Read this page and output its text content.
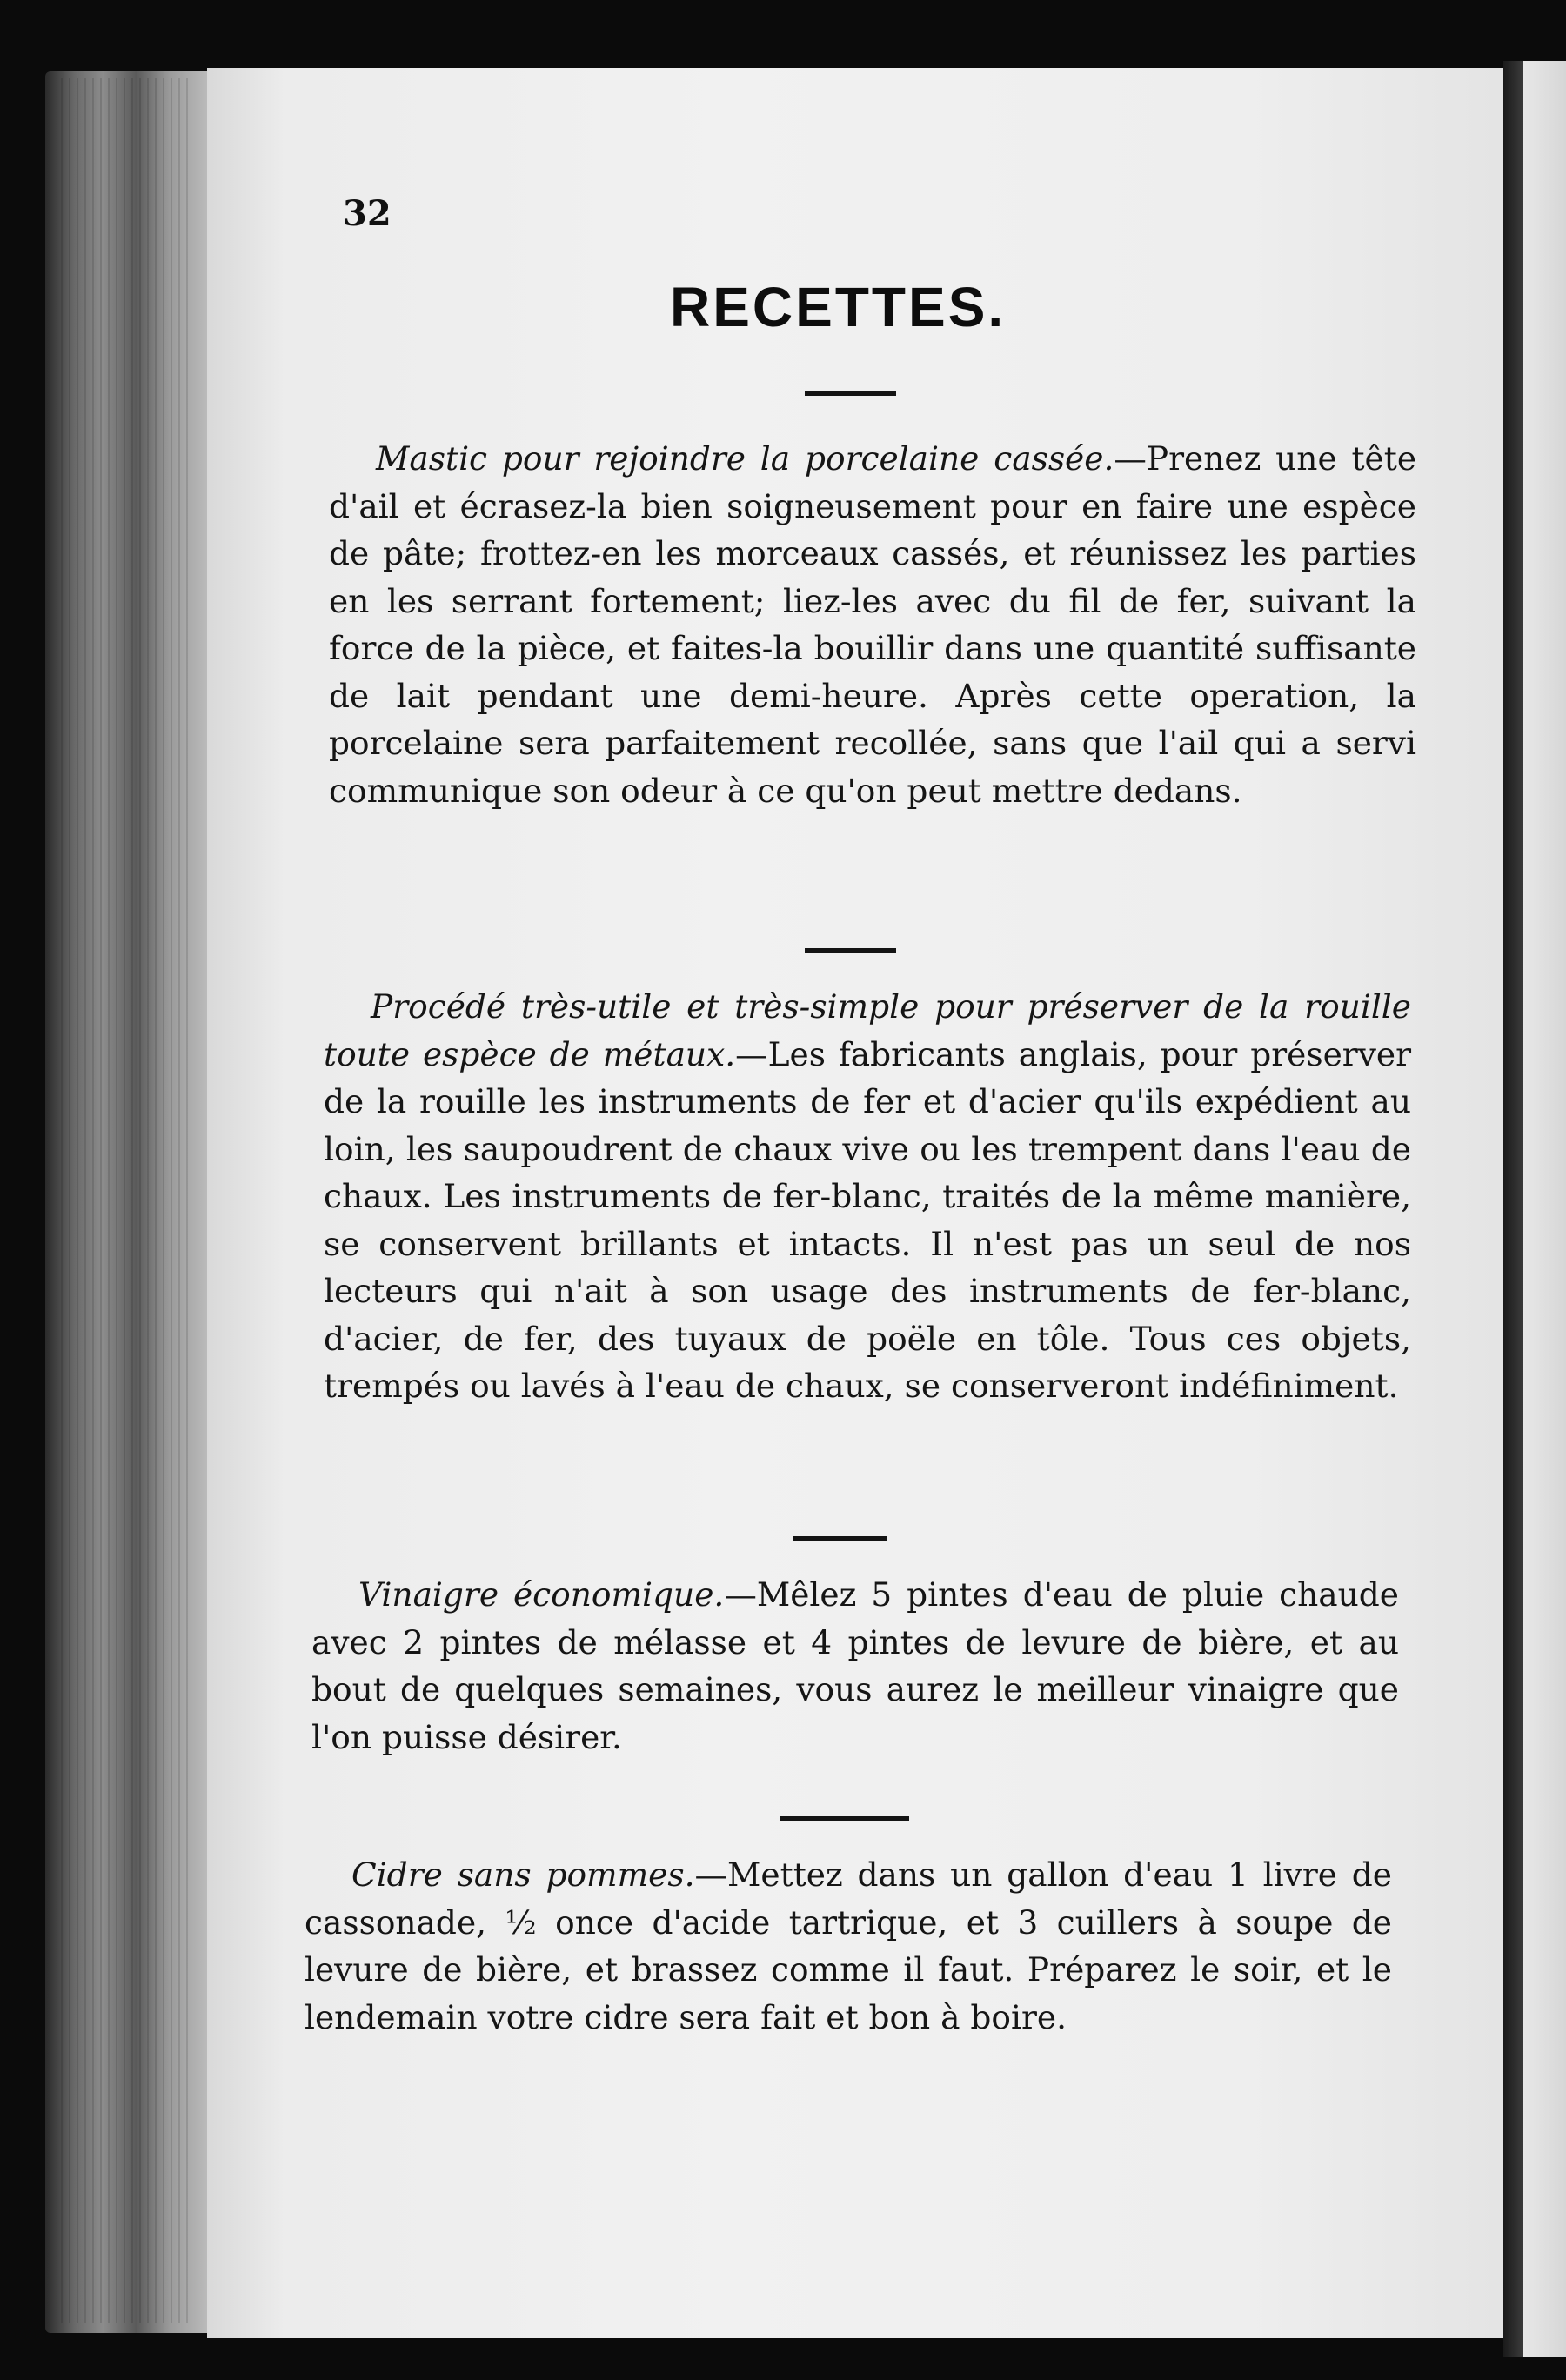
32
RECETTES.

Mastic pour rejoindre la porcelaine cassée.—Prenez une tête d'ail et écrasez-la bien soigneusement pour en faire une espèce de pâte; frottez-en les morceaux cassés, et réunissez les parties en les serrant fortement; liez-les avec du fil de fer, suivant la force de la pièce, et faites-la bouillir dans une quantité suffisante de lait pendant une demi-heure. Après cette operation, la porcelaine sera parfaitement recollée, sans que l'ail qui a servi communique son odeur à ce qu'on peut mettre dedans.

Procédé très-utile et très-simple pour préserver de la rouille toute espèce de métaux.—Les fabricants anglais, pour préserver de la rouille les instruments de fer et d'acier qu'ils expédient au loin, les saupoudrent de chaux vive ou les trempent dans l'eau de chaux. Les instruments de fer-blanc, traités de la même manière, se conservent brillants et intacts. Il n'est pas un seul de nos lecteurs qui n'ait à son usage des instruments de fer-blanc, d'acier, de fer, des tuyaux de poële en tôle. Tous ces objets, trempés ou lavés à l'eau de chaux, se conserveront indéfiniment.

Vinaigre économique.—Mêlez 5 pintes d'eau de pluie chaude avec 2 pintes de mélasse et 4 pintes de levure de bière, et au bout de quelques semaines, vous aurez le meilleur vinaigre que l'on puisse désirer.

Cidre sans pommes.—Mettez dans un gallon d'eau 1 livre de cassonade, ½ once d'acide tartrique, et 3 cuillers à soupe de levure de bière, et brassez comme il faut. Préparez le soir, et le lendemain votre cidre sera fait et bon à boire.
